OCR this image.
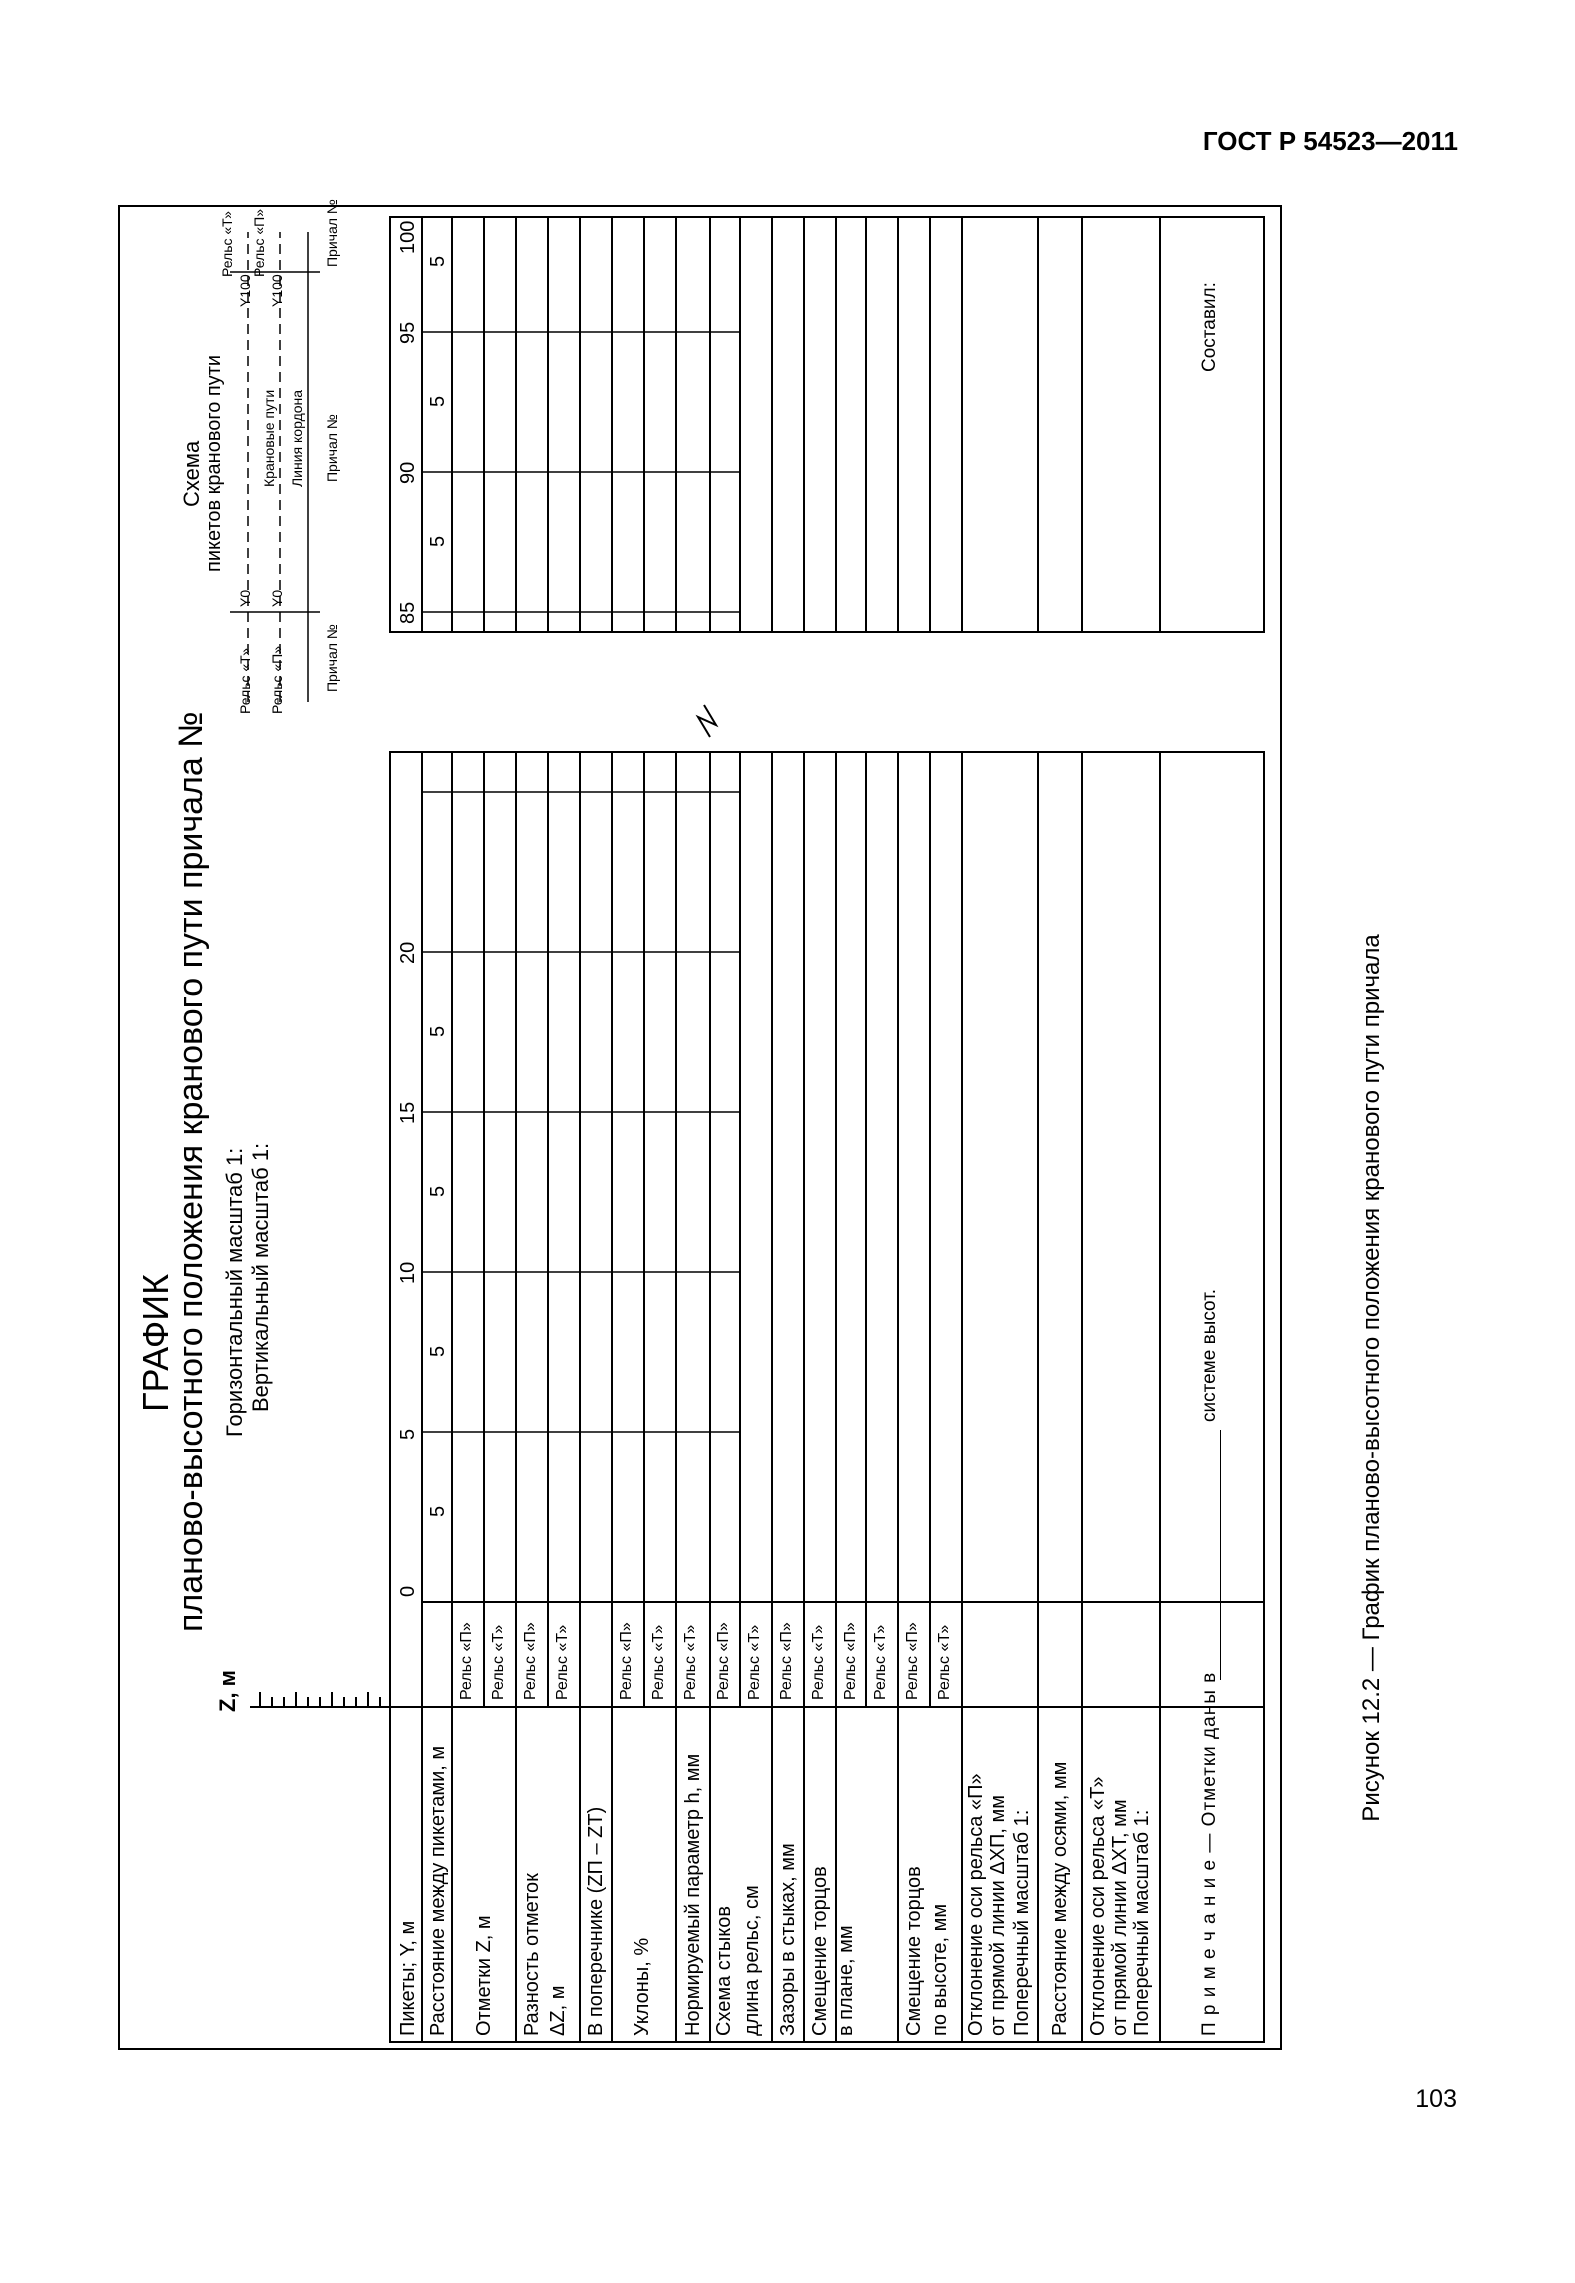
ГОСТ Р 54523—2011
Рисунок 12.2 — График планово-высотного положения кранового пути причала
103
ГРАФИК
планово-высотного положения кранового пути причала № Горизонтальный масштаб 1: Вертикальный масштаб 1:
Z, м
Пикеты; Y, м Расстояние между пикетами, м Отметки Z, м Разность отметок ΔZ, м В поперечнике (ZП – ZТ) Уклоны, % Нормируемый параметр h, мм Схема стыков длина рельс, см Зазоры в стыках, мм Смещение торцов в плане, мм Смещение торцов по высоте, мм Отклонение оси рельса «П» от прямой линии ΔXП, мм Поперечный масштаб 1: Расстояние между осями, мм Отклонение оси рельса «Т» от прямой линии ΔXТ, мм Поперечный масштаб 1:
Рельс «П» Рельс «Т» Рельс «П» Рельс «Т»	Рельс «П» Рельс «Т» Рельс «Т» Рельс «П» Рельс «Т» Рельс «П» Рельс «Т» Рельс «П» Рельс «Т» Рельс «П» Рельс «Т»
0
5
5
5
10
5
15
5
20
85
5
90
5
95
5
100
Схема пикетов кранового пути
Рельс «Т» Рельс «П»
Y0 Y0
Крановые пути Линия кордона
Y100 Y100
Рельс «Т» Рельс «П»
Причал №
Причал №
Причал №
П р и м е ч а н и е — Отметки даны в
системе высот.
Составил:
